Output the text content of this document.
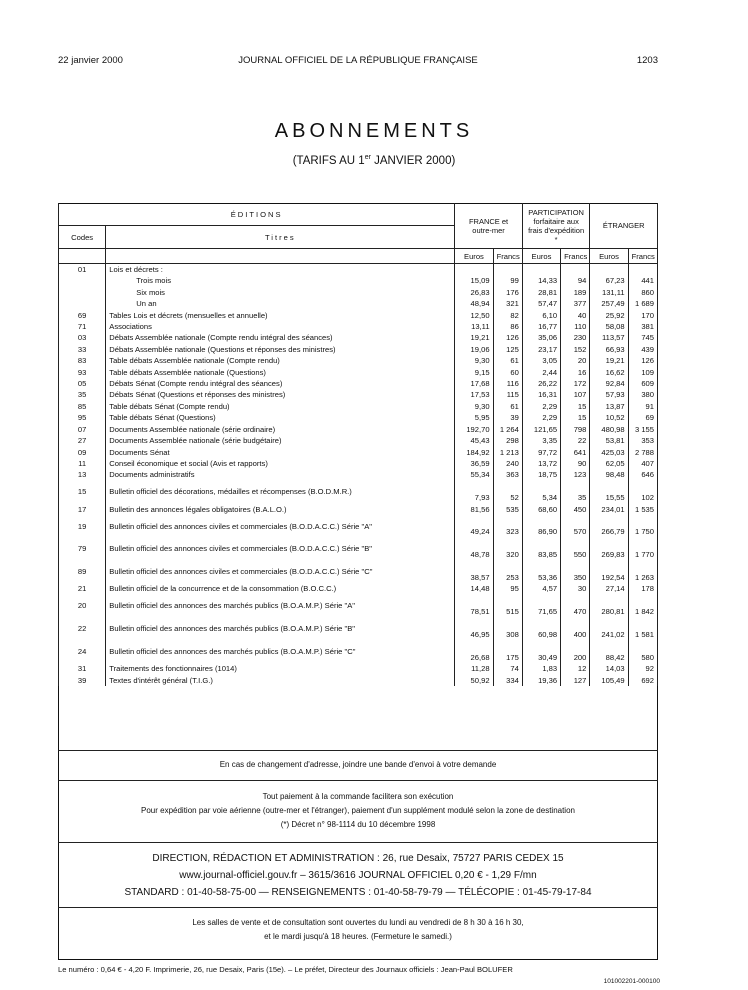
22 janvier 2000	JOURNAL OFFICIEL DE LA RÉPUBLIQUE FRANÇAISE	1203
ABONNEMENTS
(TARIFS AU 1er JANVIER 2000)
ÉDITIONS		FRANCE et outre-mer		PARTICIPATION forfaitaire aux frais d'expédition *		ÉTRANGER	
Codes	Titres						
		Euros	Francs	Euros	Francs	Euros	Francs
01	Lois et décrets :						
	Trois mois	15,09	99	14,33	94	67,23	441
	Six mois	26,83	176	28,81	189	131,11	860
	Un an	48,94	321	57,47	377	257,49	1 689
69	Tables Lois et décrets (mensuelles et annuelle)	12,50	82	6,10	40	25,92	170
71	Associations	13,11	86	16,77	110	58,08	381
03	Débats Assemblée nationale (Compte rendu intégral des séances)	19,21	126	35,06	230	113,57	745
33	Débats Assemblée nationale (Questions et réponses des ministres)	19,06	125	23,17	152	66,93	439
83	Table débats Assemblée nationale (Compte rendu)	9,30	61	3,05	20	19,21	126
93	Table débats Assemblée nationale (Questions)	9,15	60	2,44	16	16,62	109
05	Débats Sénat (Compte rendu intégral des séances)	17,68	116	26,22	172	92,84	609
35	Débats Sénat (Questions et réponses des ministres)	17,53	115	16,31	107	57,93	380
85	Table débats Sénat (Compte rendu)	9,30	61	2,29	15	13,87	91
95	Table débats Sénat (Questions)	5,95	39	2,29	15	10,52	69
07	Documents Assemblée nationale (série ordinaire)	192,70	1 264	121,65	798	480,98	3 155
27	Documents Assemblée nationale (série budgétaire)	45,43	298	3,35	22	53,81	353
09	Documents Sénat	184,92	1 213	97,72	641	425,03	2 788
11	Conseil économique et social (Avis et rapports)	36,59	240	13,72	90	62,05	407
13	Documents administratifs	55,34	363	18,75	123	98,48	646
15	Bulletin officiel des décorations, médailles et récompenses (B.O.D.M.R.)	7,93	52	5,34	35	15,55	102
17	Bulletin des annonces légales obligatoires (B.A.L.O.)	81,56	535	68,60	450	234,01	1 535
19	Bulletin officiel des annonces civiles et commerciales (B.O.D.A.C.C.) Série "A"	49,24	323	86,90	570	266,79	1 750
79	Bulletin officiel des annonces civiles et commerciales (B.O.D.A.C.C.) Série "B"	48,78	320	83,85	550	269,83	1 770
89	Bulletin officiel des annonces civiles et commerciales (B.O.D.A.C.C.) Série "C"	38,57	253	53,36	350	192,54	1 263
21	Bulletin officiel de la concurrence et de la consommation (B.O.C.C.)	14,48	95	4,57	30	27,14	178
20	Bulletin officiel des annonces des marchés publics (B.O.A.M.P.) Série "A"	78,51	515	71,65	470	280,81	1 842
22	Bulletin officiel des annonces des marchés publics (B.O.A.M.P.) Série "B"	46,95	308	60,98	400	241,02	1 581
24	Bulletin officiel des annonces des marchés publics (B.O.A.M.P.) Série "C"	26,68	175	30,49	200	88,42	580
31	Traitements des fonctionnaires (1014)	11,28	74	1,83	12	14,03	92
39	Textes d'intérêt général (T.I.G.)	50,92	334	19,36	127	105,49	692
En cas de changement d'adresse, joindre une bande d'envoi à votre demande
Tout paiement à la commande facilitera son exécution
Pour expédition par voie aérienne (outre-mer et l'étranger), paiement d'un supplément modulé selon la zone de destination
(*) Décret n° 98-1114 du 10 décembre 1998
DIRECTION, RÉDACTION ET ADMINISTRATION : 26, rue Desaix, 75727 PARIS CEDEX 15
www.journal-officiel.gouv.fr – 3615/3616 JOURNAL OFFICIEL 0,20 € - 1,29 F/mn
STANDARD : 01-40-58-75-00 — RENSEIGNEMENTS : 01-40-58-79-79 — TÉLÉCOPIE : 01-45-79-17-84
Les salles de vente et de consultation sont ouvertes du lundi au vendredi de 8 h 30 à 16 h 30,
et le mardi jusqu'à 18 heures. (Fermeture le samedi.)
Le numéro : 0,64 € - 4,20 F. Imprimerie, 26, rue Desaix, Paris (15e). – Le préfet, Directeur des Journaux officiels : Jean-Paul BOLUFER
101002201-000100
